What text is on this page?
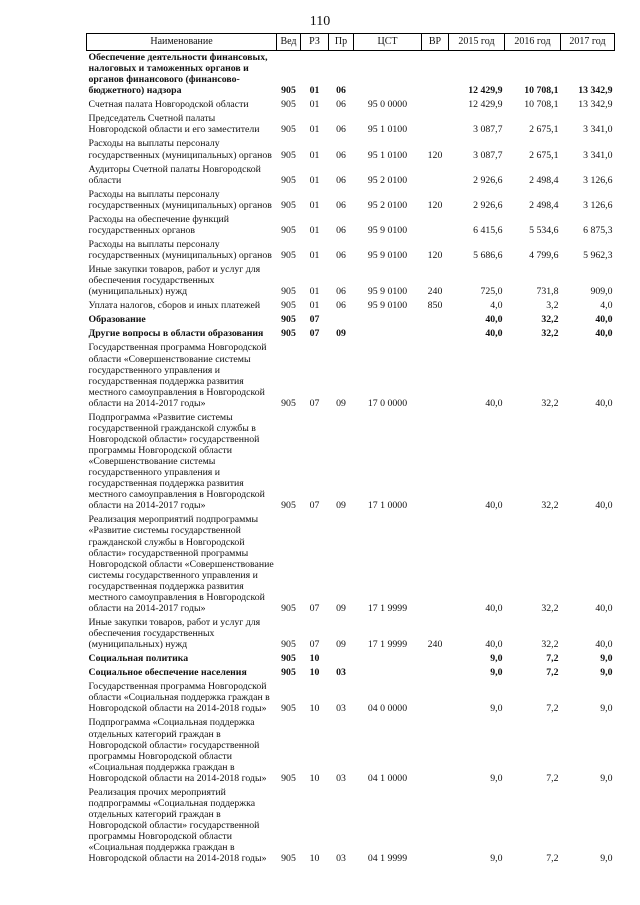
110
Наименование	Вед	РЗ	Пр	ЦСТ	ВР	2015 год	2016 год	2017 год
Обеспечение деятельности финансовых, налоговых и таможенных органов и органов финансового (финансово-бюджетного) надзора	905	01	06			12 429,9	10 708,1	13 342,9
Счетная палата Новгородской области	905	01	06	95 0 0000		12 429,9	10 708,1	13 342,9
Председатель Счетной палаты Новгородской области и его заместители	905	01	06	95 1 0100		3 087,7	2 675,1	3 341,0
Расходы на выплаты персоналу государственных (муниципальных) органов	905	01	06	95 1 0100	120	3 087,7	2 675,1	3 341,0
Аудиторы Счетной палаты Новгородской области	905	01	06	95 2 0100		2 926,6	2 498,4	3 126,6
Расходы на выплаты персоналу государственных (муниципальных) органов	905	01	06	95 2 0100	120	2 926,6	2 498,4	3 126,6
Расходы на обеспечение функций государственных органов	905	01	06	95 9 0100		6 415,6	5 534,6	6 875,3
Расходы на выплаты персоналу государственных (муниципальных) органов	905	01	06	95 9 0100	120	5 686,6	4 799,6	5 962,3
Иные закупки товаров, работ и услуг для обеспечения государственных (муниципальных) нужд	905	01	06	95 9 0100	240	725,0	731,8	909,0
Уплата налогов, сборов и иных платежей	905	01	06	95 9 0100	850	4,0	3,2	4,0
Образование	905	07				40,0	32,2	40,0
Другие вопросы в области образования	905	07	09			40,0	32,2	40,0
Государственная программа Новгородской области «Совершенствование системы государственного управления и государственная поддержка развития местного самоуправления в Новгородской области на 2014-2017 годы»	905	07	09	17 0 0000		40,0	32,2	40,0
Подпрограмма «Развитие системы государственной гражданской службы в Новгородской области» государственной программы Новгородской области «Совершенствование системы государственного управления и государственная поддержка развития местного самоуправления в Новгородской области на 2014-2017 годы»	905	07	09	17 1 0000		40,0	32,2	40,0
Реализация мероприятий подпрограммы «Развитие системы государственной гражданской службы в Новгородской области» государственной программы Новгородской области «Совершенствование системы государственного управления и государственная поддержка развития местного самоуправления в Новгородской области на 2014-2017 годы»	905	07	09	17 1 9999		40,0	32,2	40,0
Иные закупки товаров, работ и услуг для обеспечения государственных (муниципальных) нужд	905	07	09	17 1 9999	240	40,0	32,2	40,0
Социальная политика	905	10				9,0	7,2	9,0
Социальное обеспечение населения	905	10	03			9,0	7,2	9,0
Государственная программа Новгородской области «Социальная поддержка граждан в Новгородской области на 2014-2018 годы»	905	10	03	04 0 0000		9,0	7,2	9,0
Подпрограмма «Социальная поддержка отдельных категорий граждан в Новгородской области» государственной программы Новгородской области «Социальная поддержка граждан в Новгородской области на 2014-2018 годы»	905	10	03	04 1 0000		9,0	7,2	9,0
Реализация прочих мероприятий подпрограммы «Социальная поддержка отдельных категорий граждан в Новгородской области» государственной программы Новгородской области «Социальная поддержка граждан в Новгородской области на 2014-2018 годы»	905	10	03	04 1 9999		9,0	7,2	9,0
